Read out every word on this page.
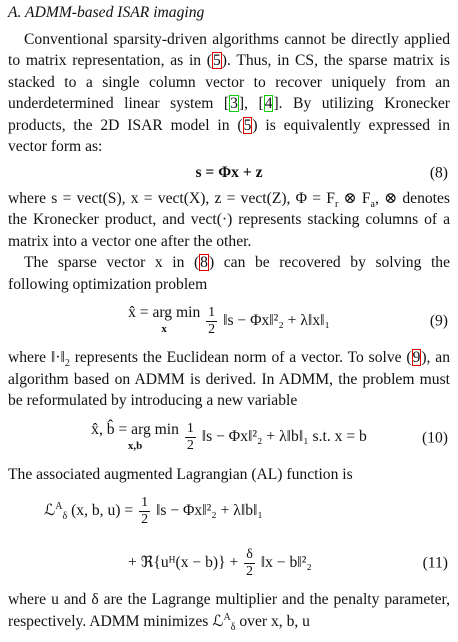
A. ADMM-based ISAR imaging

Conventional sparsity-driven algorithms cannot be directly applied to matrix representation, as in (5). Thus, in CS, the sparse matrix is stacked to a single column vector to recover uniquely from an underdetermined linear system [3], [4]. By utilizing Kronecker products, the 2D ISAR model in (5) is equivalently expressed in vector form as:

s = Φx + z	(8)

where s = vect(S), x = vect(X), z = vect(Z), $\Phi = F_r$ ⊗ $F_a$, ⊗ denotes the Kronecker product, and vect(·) represents stacking columns of a matrix into a vector one after the other.

The sparse vector x in (8) can be recovered by solving the following optimization problem

x̂ = arg min
x
	$\frac{1}{2}$ ‖s − Φx‖²₂ + λ‖x‖₁	(9)

where $‖\cdot‖_2$ represents the Euclidean norm of a vector. To solve (9), an algorithm based on ADMM is derived. In ADMM, the problem must be reformulated by introducing a new variable

x̂, b̂ = arg min
x,b
	$\frac{1}{2}$ ‖s − Φx‖²₂ + λ‖b‖₁ s.t. x = b	(10)

The associated augmented Lagrangian (AL) function is

ℒ$^A_\delta$ (x, b, $u) = \frac{1}{2}$ ‖s − Φx‖²₂ + λ‖b‖₁
+ ℜ{uᴴ(x − $b)\} + \frac{\delta}{2}$ ‖x − b‖²₂	(11)

where u and δ are the Lagrange multiplier and the penalty parameter, respectively. ADMM minimizes ℒ$^A_\delta$ over x, b, u
